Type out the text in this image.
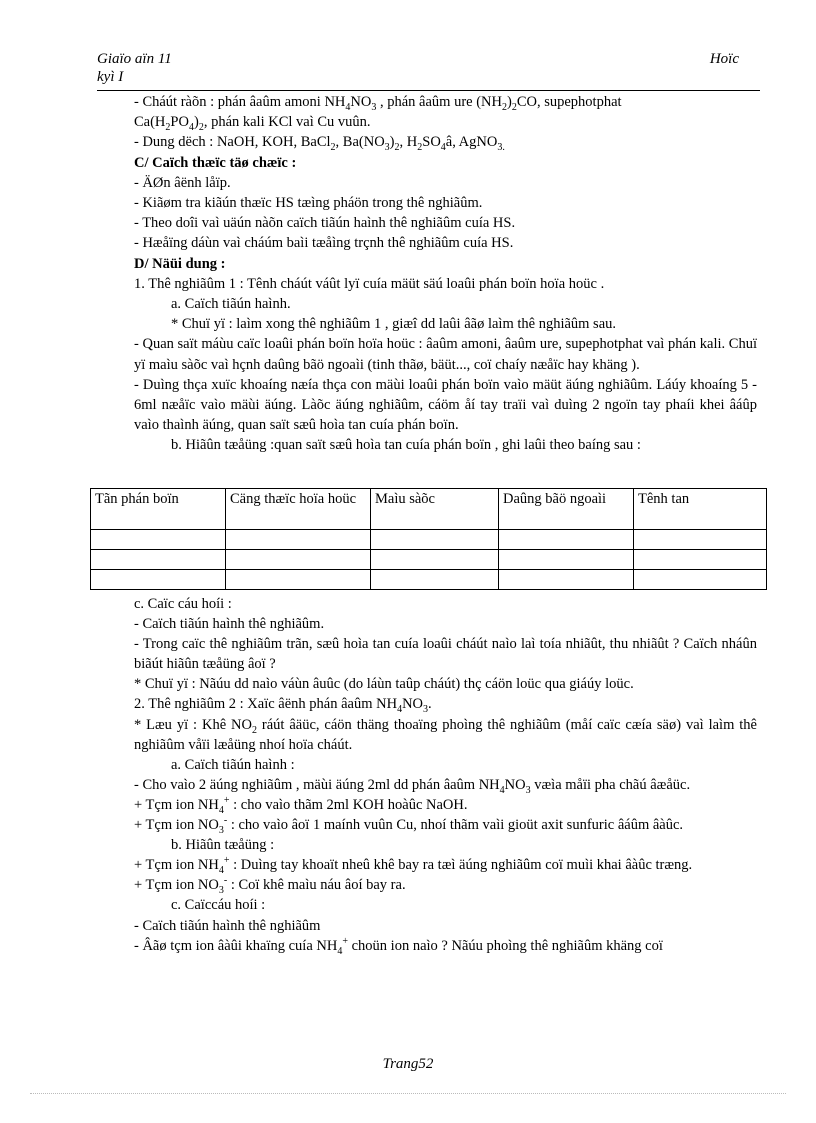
Giaïo aïn 11
kyì I
Hoïc

- Cháút ràõn : phán âaûm amoni $NH_4NO_3$ , phán âaûm ure $(NH_2)_2CO$, supephotphat

$Ca(H_2PO_4)_2$, phán kali KCl vaì Cu vuûn.

- Dung dëch : NaOH, KOH, BaCl$_2$, $Ba(NO_3)_2$, $H_2SO_4â$, AgNO$_{3.}$

C/ Caïch thæïc täø chæïc :

- ÄØn âënh låïp.

- Kiãøm tra kiãún thæïc HS tæìng pháön trong thê nghiãûm.

- Theo doîi vaì uäún nàõn caïch tiãún haình thê nghiãûm cuía HS.

- Hæåïng dáùn vaì cháúm baìi tæåìng trçnh thê nghiãûm cuía HS.

D/ Näüi dung :

1. Thê nghiãûm 1 : Tênh cháút váût lyï cuía mäüt säú loaûi phán boïn hoïa hoüc .

a. Caïch tiãún haình.

* Chuï yï : laìm xong thê nghiãûm 1 , giæî dd laûi âãø laìm thê nghiãûm sau.

- Quan saït máùu caïc loaûi phán boïn hoïa hoüc : âaûm amoni, âaûm ure, supephotphat vaì phán kali. Chuï yï maìu sàõc vaì hçnh daûng bãö ngoaìi (tinh thãø, bäüt..., coï chaíy næåïc hay khäng ).

- Duìng thça xuïc khoaíng næía thça con mäùi loaûi phán boïn vaìo mäüt äúng nghiãûm. Láúy khoaíng 5 - 6ml næåïc vaìo mäùi äúng. Làõc äúng nghiãûm, cáöm åí tay traïi vaì duìng 2 ngoïn tay phaíi khei âáûp vaìo thaình äúng, quan saït sæû hoìa tan cuía phán boïn.

b. Hiãûn tæåüng :quan saït sæû hoìa tan cuía phán boïn , ghi laûi theo baíng sau :

Tãn phán boïn	Cäng thæïc hoïa hoüc	Maìu sàõc	Daûng bãö ngoaìi	Tênh tan

c. Caïc cáu hoíi :

- Caïch tiãún haình thê nghiãûm.

- Trong caïc thê nghiãûm trãn, sæû hoìa tan cuía loaûi cháút naìo laì toía nhiãût, thu nhiãût ? Caïch nháûn biãút hiãûn tæåüng âoï ?

* Chuï yï : Nãúu dd naìo váùn âuûc (do láùn taûp cháút) thç cáön loüc qua giáúy loüc.

2. Thê nghiãûm 2 : Xaïc âënh phán âaûm $NH_4NO_3$.

* Læu yï : Khê $NO_2$ ráút âäüc, cáön thäng thoaïng phoìng thê nghiãûm (måí caïc cæía säø) vaì laìm thê nghiãûm våïi læåüng nhoí hoïa cháút.

a. Caïch tiãún haình :

- Cho vaìo 2 äúng nghiãûm , mäùi äúng 2ml dd phán âaûm $NH_4NO_3$ væìa måïi pha chãú âæåüc.

+ Tçm ion $NH_4^+$ : cho vaìo thãm 2ml KOH hoàûc NaOH.

+ Tçm ion $NO_3^-$ : cho vaìo âoï 1 maính vuûn Cu, nhoí thãm vaìi gioüt axit sunfuric âáûm âàûc.

b. Hiãûn tæåüng :

+ Tçm ion $NH_4^+$ : Duìng tay khoaït nheû khê bay ra tæì äúng nghiãûm coï muìi khai âàûc træng.

+ Tçm ion $NO_3^-$ : Coï khê maìu náu âoí bay ra.

c. Caïccáu hoíi :

- Caïch tiãún haình thê nghiãûm

- Âãø tçm ion âàûi khaïng cuía $NH_4^+$ choün ion naìo ? Nãúu phoìng thê nghiãûm khäng coï

Trang52
